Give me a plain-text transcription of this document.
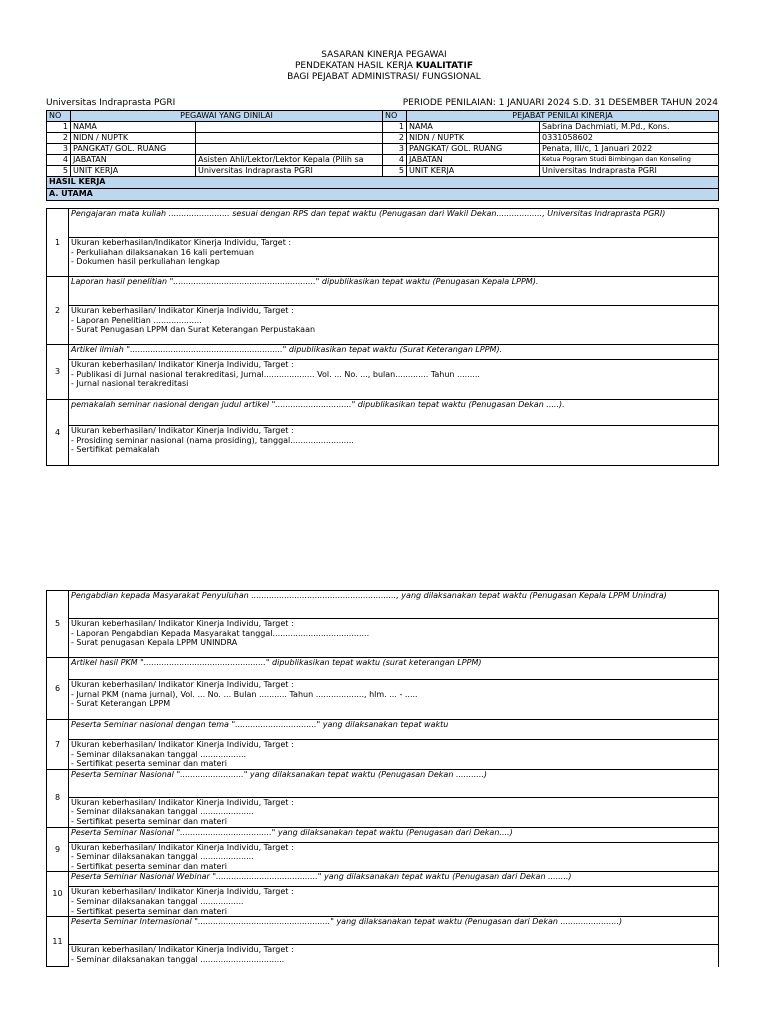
SASARAN KINERJA PEGAWAI
PENDEKATAN HASIL KERJA KUALITATIF
BAGI PEJABAT ADMINISTRASI/ FUNGSIONAL
Universitas Indraprasta PGRI	PERIODE PENILAIAN: 1 JANUARI 2024 S.D. 31 DESEMBER TAHUN 2024
NO	PEGAWAI YANG DINILAI		NO	PEJABAT PENILAI KINERJA	
1	NAMA		1	NAMA	Sabrina Dachmiati, M.Pd., Kons.
2	NIDN / NUPTK		2	NIDN / NUPTK	0331058602
3	PANGKAT/ GOL. RUANG		3	PANGKAT/ GOL. RUANG	Penata, III/c, 1 Januari 2022
4	JABATAN	Asisten Ahli/Lektor/Lektor Kepala (Pilih sa	4	JABATAN	Ketua Pogram Studi Bimbingan dan Konseling
5	UNIT KERJA	Universitas Indraprasta PGRI	5	UNIT KERJA	Universitas Indraprasta PGRI
HASIL KERJA					
A. UTAMA					
1	Pengajaran mata kuliah ........................ sesuai dengan RPS dan tepat waktu (Penugasan dari Wakil Dekan.................., Universitas Indraprasta PGRI)

	Ukuran keberhasilan/Indikator Kinerja Individu, Target :
- Perkuliahan dilaksanakan 16 kali pertemuan
- Dokumen hasil perkuliahan lengkap

2	Laporan hasil penelitian "........................................................" dipublikasikan tepat waktu (Penugasan Kepala LPPM).

	Ukuran keberhasilan/ Indikator Kinerja Individu, Target :
- Laporan Penelitian ...................
- Surat Penugasan LPPM dan Surat Keterangan Perpustakaan

3	Artikel ilmiah "............................................................" dipublikasikan tepat waktu (Surat Keterangan LPPM).

	Ukuran keberhasilan/ Indikator Kinerja Individu, Target :
- Publikasi di Jurnal nasional terakreditasi, Jurnal.................... Vol. ... No. ..., bulan............. Tahun .........
- Jurnal nasional terakreditasi

4	pemakalah seminar nasional dengan judul artikel ".............................." dipublikasikan tepat waktu (Penugasan Dekan .....).

	Ukuran keberhasilan/ Indikator Kinerja Individu, Target :
- Prosiding seminar nasional (nama prosiding), tanggal.........................
- Sertifikat pemakalah
5	Pengabdian kepada Masyarakat Penyuluhan ........................................................., yang dilaksanakan tepat waktu (Penugasan Kepala LPPM Unindra)

	Ukuran keberhasilan/ Indikator Kinerja Individu, Target :
- Laporan Pengabdian Kepada Masyarakat tanggal......................................
- Surat penugasan Kepala LPPM UNINDRA

6	Artikel hasil PKM "................................................" dipublikasikan tepat waktu (surat keterangan LPPM)

	Ukuran keberhasilan/ Indikator Kinerja Individu, Target :
- Jurnal PKM (nama jurnal), Vol. ... No. ... Bulan ........... Tahun ..................., hlm. ... - .....
- Surat Keterangan LPPM

7	Peserta Seminar nasional dengan tema "................................" yang dilaksanakan tepat waktu

	Ukuran keberhasilan/ Indikator Kinerja Individu, Target :
- Seminar dilaksanakan tanggal ..................
- Sertifikat peserta seminar dan materi

8	Peserta Seminar Nasional "........................." yang dilaksanakan tepat waktu (Penugasan Dekan ...........)

	Ukuran keberhasilan/ Indikator Kinerja Individu, Target :
- Seminar dilaksanakan tanggal .....................
- Sertifikat peserta seminar dan materi

9	Peserta Seminar Nasional "...................................." yang dilaksanakan tepat waktu (Penugasan dari Dekan....)

	Ukuran keberhasilan/ Indikator Kinerja Individu, Target :
- Seminar dilaksanakan tanggal .....................
- Sertifikat peserta seminar dan materi

10	Peserta Seminar Nasional Webinar "........................................" yang dilaksanakan tepat waktu (Penugasan dari Dekan ........)

	Ukuran keberhasilan/ Indikator Kinerja Individu, Target :
- Seminar dilaksanakan tanggal .................
- Sertifikat peserta seminar dan materi

11	Peserta Seminar Internasional "...................................................." yang dilaksanakan tepat waktu (Penugasan dari Dekan .......................)

	Ukuran keberhasilan/ Indikator Kinerja Individu, Target :
- Seminar dilaksanakan tanggal .................................
